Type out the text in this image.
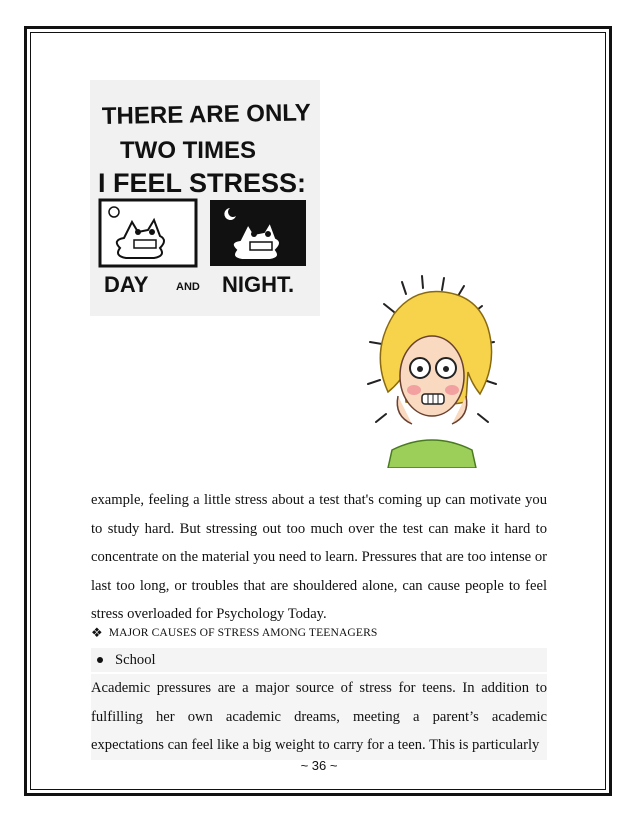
THERE ARE ONLY
TWO TIMES
I FEEL STRESS:
DAY	AND NIGHT.
example, feeling a little stress about a test that's coming up can motivate you to study hard. But stressing out too much over the test can make it hard to concentrate on the material you need to learn. Pressures that are too intense or last too long, or troubles that are shouldered alone, can cause people to feel stress overloaded for Psychology Today.
❖ MAJOR CAUSES OF STRESS AMONG TEENAGERS
School
Academic pressures are a major source of stress for teens. In addition to fulfilling her own academic dreams, meeting a parent’s academic expectations can feel like a big weight to carry for a teen. This is particularly
~ 36 ~
